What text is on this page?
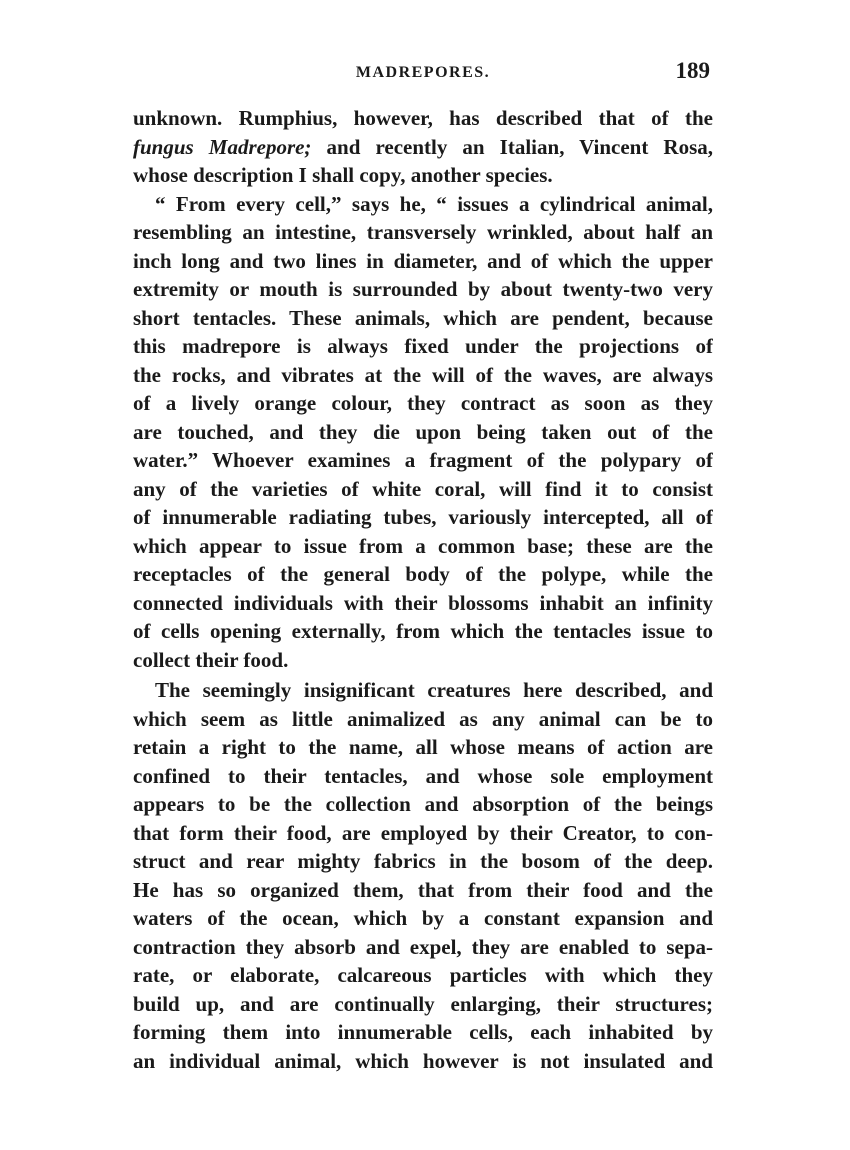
MADREPORES.	189
unknown. Rumphius, however, has described that of the
fungus Madrepore; and recently an Italian, Vincent Rosa,
whose description I shall copy, another species.
“ From every cell,” says he, “ issues a cylindrical animal,
resembling an intestine, transversely wrinkled, about half an
inch long and two lines in diameter, and of which the upper
extremity or mouth is surrounded by about twenty-two very
short tentacles. These animals, which are pendent, because
this madrepore is always fixed under the projections of
the rocks, and vibrates at the will of the waves, are always
of a lively orange colour, they contract as soon as they
are touched, and they die upon being taken out of the
water.” Whoever examines a fragment of the polypary of
any of the varieties of white coral, will find it to consist
of innumerable radiating tubes, variously intercepted, all of
which appear to issue from a common base; these are the
receptacles of the general body of the polype, while the
connected individuals with their blossoms inhabit an infinity
of cells opening externally, from which the tentacles issue to
collect their food.
The seemingly insignificant creatures here described, and
which seem as little animalized as any animal can be to
retain a right to the name, all whose means of action are
confined to their tentacles, and whose sole employment
appears to be the collection and absorption of the beings
that form their food, are employed by their Creator, to con-
struct and rear mighty fabrics in the bosom of the deep.
He has so organized them, that from their food and the
waters of the ocean, which by a constant expansion and
contraction they absorb and expel, they are enabled to sepa-
rate, or elaborate, calcareous particles with which they
build up, and are continually enlarging, their structures;
forming them into innumerable cells, each inhabited by
an individual animal, which however is not insulated and
